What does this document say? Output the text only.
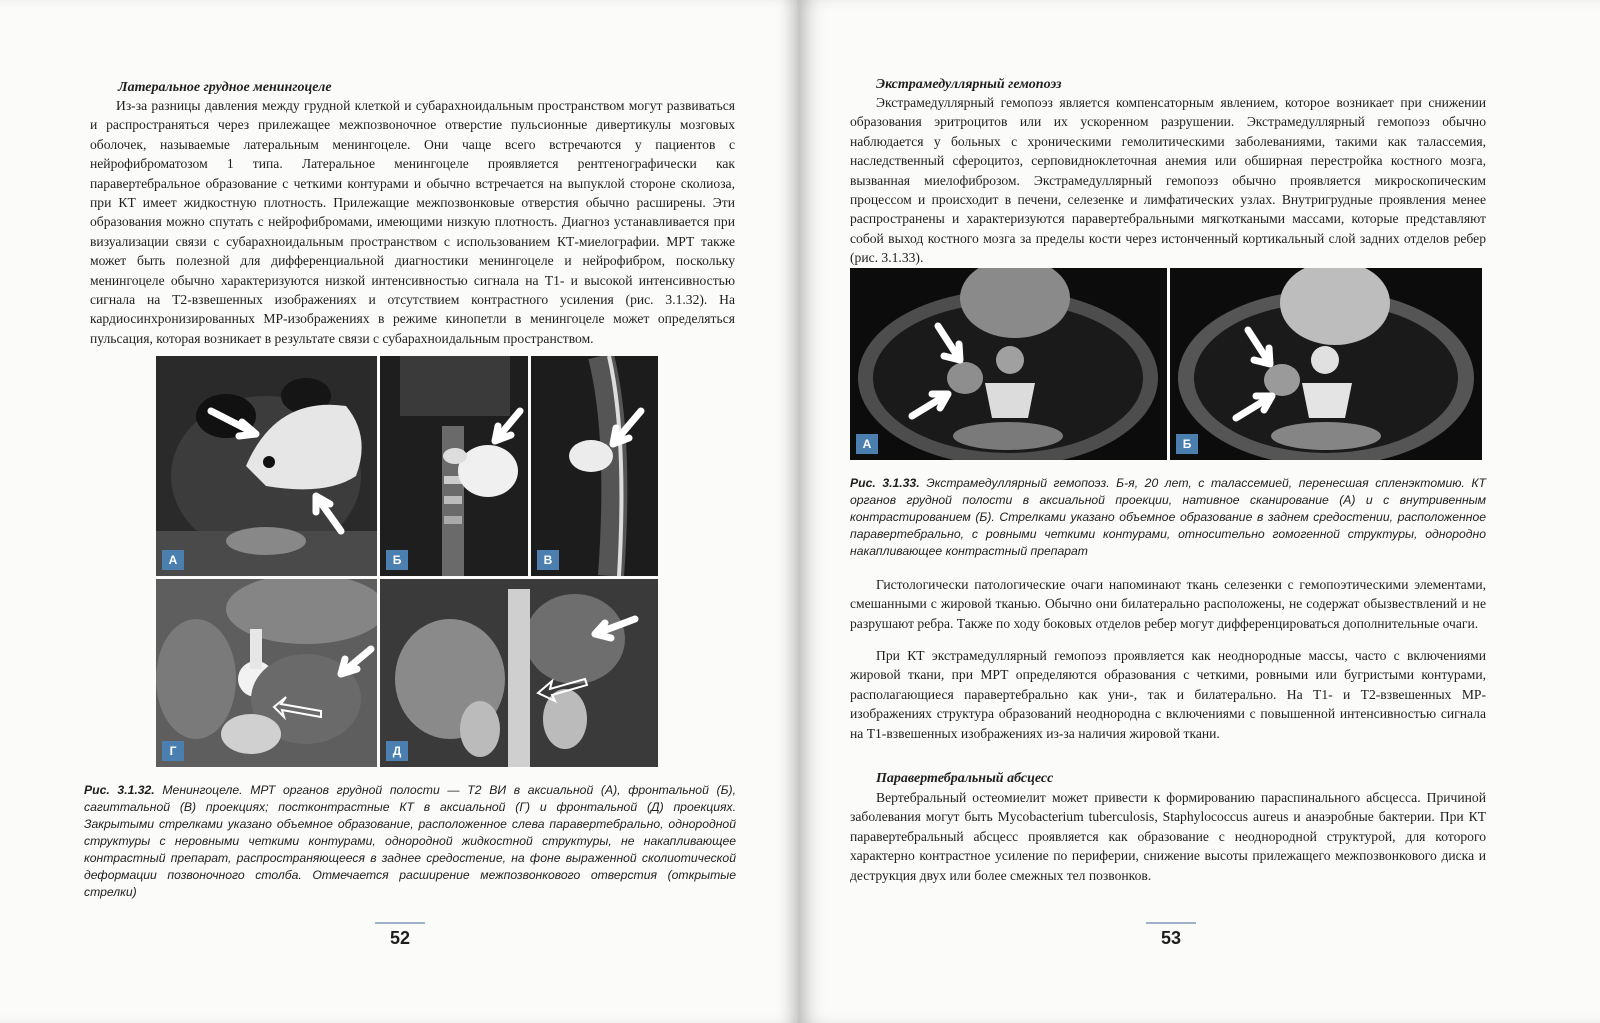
Латеральное грудное менингоцеле

Из-за разницы давления между грудной клеткой и субарахноидальным пространством могут развиваться и распространяться через прилежащее межпозвоночное отверстие пульсионные дивертикулы мозговых оболочек, называемые латеральным менингоцеле. Они чаще всего встречаются у пациентов с нейрофиброматозом 1 типа. Латеральное менингоцеле проявляется рентгенографически как паравертебральное образование с четкими контурами и обычно встречается на выпуклой стороне сколиоза, при КТ имеет жидкостную плотность. Прилежащие межпозвонковые отверстия обычно расширены. Эти образования можно спутать с нейрофибромами, имеющими низкую плотность. Диагноз устанавливается при визуализации связи с субарахноидальным пространством с использованием КТ-миелографии. МРТ также может быть полезной для дифференциальной диагностики менингоцеле и нейрофибром, поскольку менингоцеле обычно характеризуются низкой интенсивностью сигнала на Т1- и высокой интенсивностью сигнала на Т2-взвешенных изображениях и отсутствием контрастного усиления (рис. 3.1.32). На кардиосинхронизированных МР-изображениях в режиме кинопетли в менингоцеле может определяться пульсация, которая возникает в результате связи с субарахноидальным пространством.

А	Б	В
Г	Д

Рис. 3.1.32. Менингоцеле. МРТ органов грудной полости — Т2 ВИ в аксиальной (А), фронтальной (Б), сагиттальной (В) проекциях; постконтрастные КТ в аксиальной (Г) и фронтальной (Д) проекциях. Закрытыми стрелками указано объемное образование, расположенное слева паравертебрально, однородной структуры с неровными четкими контурами, однородной жидкостной структуры, не накапливающее контрастный препарат, распространяющееся в заднее средостение, на фоне выраженной сколиотической деформации позвоночного столба. Отмечается расширение межпозвонкового отверстия (открытые стрелки)

52
Экстрамедуллярный гемопоэз

Экстрамедуллярный гемопоэз является компенсаторным явлением, которое возникает при снижении образования эритроцитов или их ускоренном разрушении. Экстрамедуллярный гемопоэз обычно наблюдается у больных с хроническими гемолитическими заболеваниями, такими как талассемия, наследственный сфероцитоз, серповидноклеточная анемия или обширная перестройка костного мозга, вызванная миелофиброзом. Экстрамедуллярный гемопоэз обычно проявляется микроскопическим процессом и происходит в печени, селезенке и лимфатических узлах. Внутригрудные проявления менее распространены и характеризуются паравертебральными мягкоткаными массами, которые представляют собой выход костного мозга за пределы кости через истонченный кортикальный слой задних отделов ребер (рис. 3.1.33).

А	Б

Рис. 3.1.33. Экстрамедуллярный гемопоэз. Б-я, 20 лет, с талассемией, перенесшая спленэктомию. КТ органов грудной полости в аксиальной проекции, нативное сканирование (А) и с внутривенным контрастированием (Б). Стрелками указано объемное образование в заднем средостении, расположенное паравертебрально, с ровными четкими контурами, относительно гомогенной структуры, однородно накапливающее контрастный препарат

Гистологически патологические очаги напоминают ткань селезенки с гемопоэтическими элементами, смешанными с жировой тканью. Обычно они билатерально расположены, не содержат обызвествлений и не разрушают ребра. Также по ходу боковых отделов ребер могут дифференцироваться дополнительные очаги.

При КТ экстрамедуллярный гемопоэз проявляется как неоднородные массы, часто с включениями жировой ткани, при МРТ определяются образования с четкими, ровными или бугристыми контурами, располагающиеся паравертебрально как уни-, так и билатерально. На Т1- и Т2-взвешенных МР-изображениях структура образований неоднородна с включениями с повышенной интенсивностью сигнала на Т1-взвешенных изображениях из-за наличия жировой ткани.

Паравертебральный абсцесс

Вертебральный остеомиелит может привести к формированию параспинального абсцесса. Причиной заболевания могут быть Mycobacterium tuberculosis, Staphylococcus aureus и анаэробные бактерии. При КТ паравертебральный абсцесс проявляется как образование с неоднородной структурой, для которого характерно контрастное усиление по периферии, снижение высоты прилежащего межпозвонкового диска и деструкция двух или более смежных тел позвонков.

53
